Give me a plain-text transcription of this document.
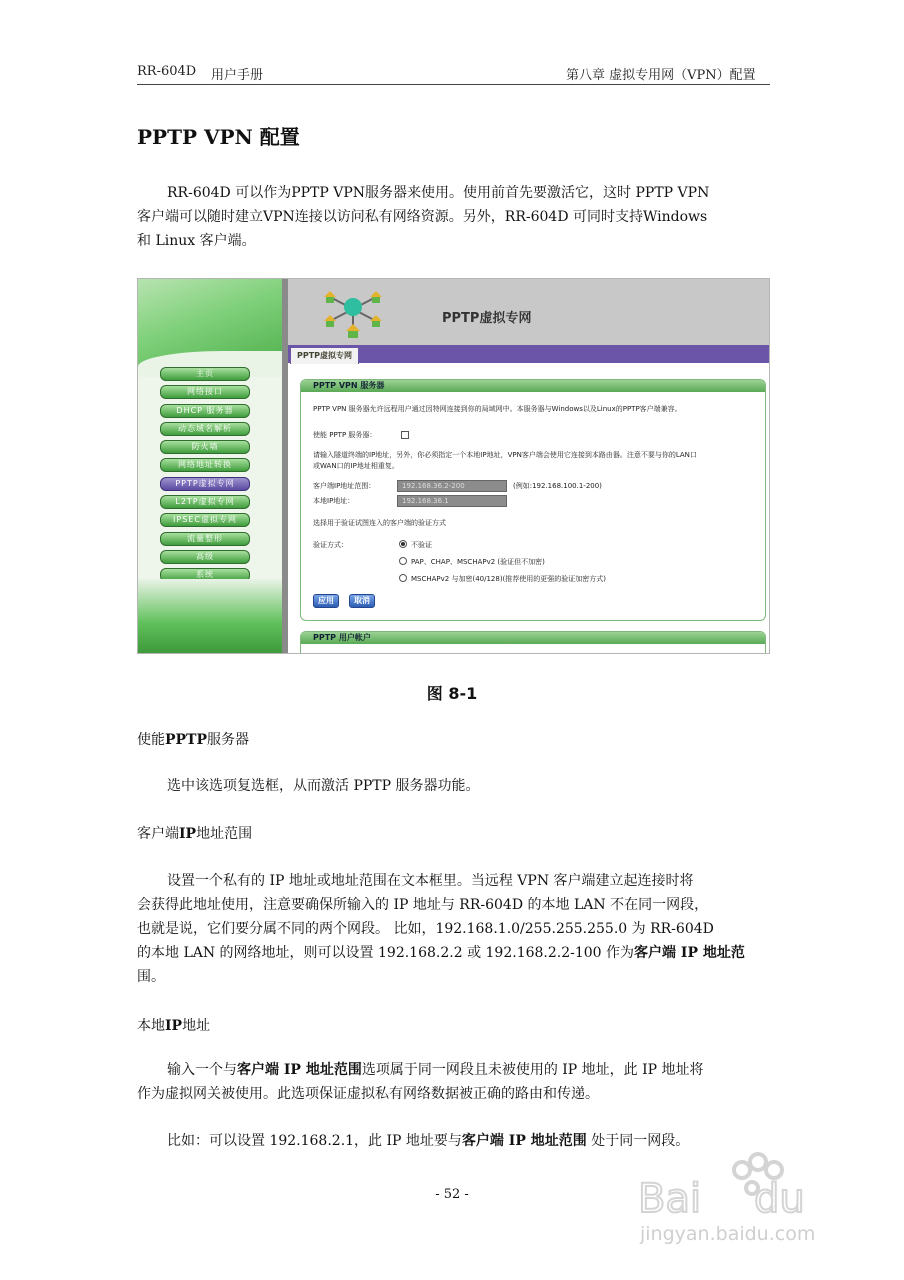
RR-604D 用户手册	第八章 虚拟专用网（VPN）配置
PPTP VPN 配置
RR-604D 可以作为PPTP VPN服务器来使用。使用前首先要激活它，这时 PPTP VPN
客户端可以随时建立VPN连接以访问私有网络资源。另外，RR-604D 可同时支持Windows
和 Linux 客户端。
主页
网络接口
DHCP 服务器
动态域名解析
防火墙
网络地址转换
PPTP虚拟专网
L2TP虚拟专网
IPSEC虚拟专网
流量整形
高级
系统
PPTP虚拟专网
PPTP虚拟专网
PPTP VPN 服务器
PPTP VPN 服务器允许远程用户通过因特网连接到你的局域网中。本服务器与Windows以及Linux的PPTP客户端兼容。
使能 PPTP 服务器：
请输入隧道终端的IP地址，另外，你必须指定一个本地IP地址，VPN客户端会使用它连接到本路由器。注意不要与你的LAN口
或WAN口的IP地址相重复。
客户端IP地址范围：	192.168.36.2-200	(例如:192.168.100.1-200)
本地IP地址：	192.168.36.1
选择用于验证试图连入的客户端的验证方式
验证方式：	不验证
PAP、CHAP、MSCHAPv2 (验证但不加密)
MSCHAPv2 与加密(40/128)(推荐使用的更强的验证加密方式)
应用	取消
PPTP 用户帐户
图 8-1
使能PPTP服务器
选中该选项复选框，从而激活 PPTP 服务器功能。
客户端IP地址范围
设置一个私有的 IP 地址或地址范围在文本框里。当远程 VPN 客户端建立起连接时将
会获得此地址使用，注意要确保所输入的 IP 地址与 RR-604D 的本地 LAN 不在同一网段，
也就是说，它们要分属不同的两个网段。 比如，192.168.1.0/255.255.255.0 为 RR-604D
的本地 LAN 的网络地址，则可以设置 192.168.2.2 或 192.168.2.2-100 作为客户端 IP 地址范
围。
本地IP地址
输入一个与客户端 IP 地址范围选项属于同一网段且未被使用的 IP 地址，此 IP 地址将
作为虚拟网关被使用。此选项保证虚拟私有网络数据被正确的路由和传递。
比如：可以设置 192.168.2.1，此 IP 地址要与客户端 IP 地址范围 处于同一网段。
- 52 -	Bai du
jingyan.baidu.com
